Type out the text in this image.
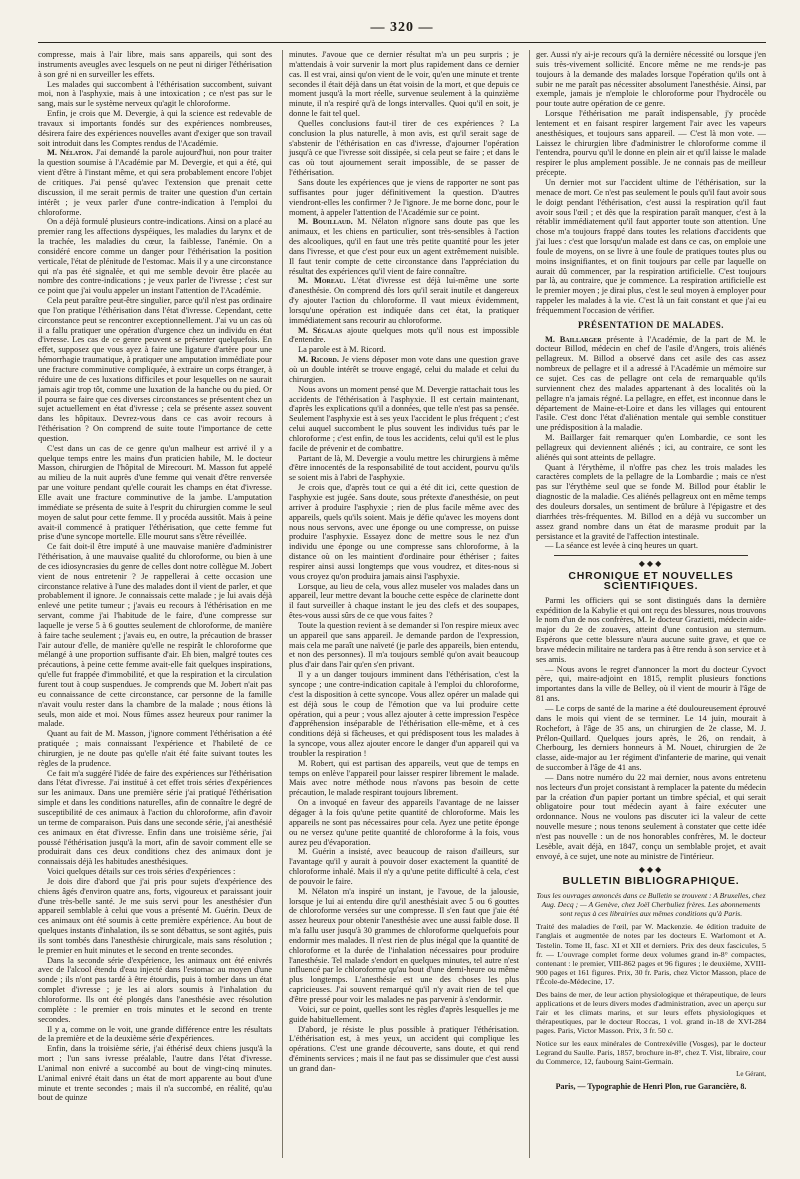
— 320 —

compresse, mais à l'air libre, mais sans appareils, qui sont des instruments aveugles avec lesquels on ne peut ni diriger l'éthérisation à son gré ni en surveiller les effets.

Les malades qui succombent à l'éthérisation succombent, suivant moi, non à l'asphyxie, mais à une intoxication ; ce n'est pas sur le sang, mais sur le système nerveux qu'agit le chloroforme.

Enfin, je crois que M. Devergie, à qui la science est redevable de travaux si importants fondés sur des expériences nombreuses, désirera faire des expériences nouvelles avant d'exiger que son travail soit introduit dans les Comptes rendus de l'Académie.

M. Nélaton. J'ai demandé la parole aujourd'hui, non pour traiter la question soumise à l'Académie par M. Devergie, et qui a été, qui vient d'être à l'instant même, et qui sera probablement encore l'objet de critiques. J'ai pensé qu'avec l'extension que prenait cette discussion, il me serait permis de traiter une question d'un certain intérêt ; je veux parler d'une contre-indication à l'emploi du chloroforme.

On a déjà formulé plusieurs contre-indications. Ainsi on a placé au premier rang les affections dyspéiques, les maladies du larynx et de la trachée, les maladies du cœur, la faiblesse, l'anémie. On a considéré encore comme un danger pour l'éthérisation la position verticale, l'état de plénitude de l'estomac. Mais il y a une circonstance qui n'a pas été signalée, et qui me semble devoir être placée au nombre des contre-indications ; je veux parler de l'ivresse ; c'est sur ce point que j'ai voulu appeler un instant l'attention de l'Académie.

Cela peut paraître peut-être singulier, parce qu'il n'est pas ordinaire que l'on pratique l'éthérisation dans l'état d'ivresse. Cependant, cette circonstance peut se rencontrer exceptionnellement. J'ai vu un cas où il a fallu pratiquer une opération d'urgence chez un individu en état d'ivresse. Les cas de ce genre peuvent se présenter quelquefois. En effet, supposez que vous ayez à faire une ligature d'artère pour une hémorrhagie traumatique, à pratiquer une amputation immédiate pour une fracture comminutive compliquée, à extraire un corps étranger, à réduire une de ces luxations difficiles et pour lesquelles on ne saurait jamais agir trop tôt, comme une luxation de la hanche ou du pied. Or il pourra se faire que ces diverses circonstances se présentent chez un sujet actuellement en état d'ivresse ; cela se présente assez souvent dans les hôpitaux. Devrez-vous dans ce cas avoir recours à l'éthérisation ? On comprend de suite toute l'importance de cette question.

C'est dans un cas de ce genre qu'un malheur est arrivé il y a quelque temps entre les mains d'un praticien habile, M. le docteur Masson, chirurgien de l'hôpital de Mirecourt. M. Masson fut appelé au milieu de la nuit auprès d'une femme qui venait d'être renversée par une voiture pendant qu'elle courait les champs en état d'ivresse. Elle avait une fracture comminutive de la jambe. L'amputation immédiate se présenta de suite à l'esprit du chirurgien comme le seul moyen de salut pour cette femme. Il y procéda aussitôt. Mais à peine avait-il commencé à pratiquer l'éthérisation, que cette femme fut prise d'une syncope mortelle. Elle mourut sans s'être réveillée.

Ce fait doit-il être imputé à une mauvaise manière d'administrer l'éthérisation, à une mauvaise qualité du chloroforme, ou bien à une de ces idiosyncrasies du genre de celles dont notre collègue M. Jobert vient de nous entretenir ? Je rappellerai à cette occasion une circonstance relative à l'une des malades dont il vient de parler, et que probablement il ignore. Je connaissais cette malade ; je lui avais déjà enlevé une petite tumeur ; j'avais eu recours à l'éthérisation en me servant, comme j'ai l'habitude de le faire, d'une compresse sur laquelle je verse 5 à 6 gouttes seulement de chloroforme, de manière à faire tache seulement ; j'avais eu, en outre, la précaution de brasser l'air autour d'elle, de manière qu'elle ne respirât le chloroforme que mélangé à une proportion suffisante d'air. Eh bien, malgré toutes ces précautions, à peine cette femme avait-elle fait quelques inspirations, qu'elle fut frappée d'immobilité, et que la respiration et la circulation furent tout à coup suspendues. Je comprends que M. Jobert n'ait pas eu connaissance de cette circonstance, car personne de la famille n'avait voulu rester dans la chambre de la malade ; nous étions là seuls, mon aide et moi. Nous fûmes assez heureux pour ranimer la malade.

Quant au fait de M. Masson, j'ignore comment l'éthérisation a été pratiquée ; mais connaissant l'expérience et l'habileté de ce chirurgien, je ne doute pas qu'elle n'ait été faite suivant toutes les règles de la prudence.

Ce fait m'a suggéré l'idée de faire des expériences sur l'éthérisation dans l'état d'ivresse. J'ai institué à cet effet trois séries d'expériences sur les animaux. Dans une première série j'ai pratiqué l'éthérisation simple et dans les conditions naturelles, afin de connaître le degré de susceptibilité de ces animaux à l'action du chloroforme, afin d'avoir un terme de comparaison. Puis dans une seconde série, j'ai anesthésié ces animaux en état d'ivresse. Enfin dans une troisième série, j'ai poussé l'éthérisation jusqu'à la mort, afin de savoir comment elle se produirait dans ces deux conditions chez des animaux dont je connaissais déjà les habitudes anesthésiques.

Voici quelques détails sur ces trois séries d'expériences :

Je dois dire d'abord que j'ai pris pour sujets d'expérience des chiens âgés d'environ quatre ans, forts, vigoureux et paraissant jouir d'une très-belle santé. Je me suis servi pour les anesthésier d'un appareil semblable à celui que vous a présenté M. Guérin. Deux de ces animaux ont été soumis à cette première expérience. Au bout de quelques instants d'inhalation, ils se sont débattus, se sont agités, puis ils sont tombés dans l'anesthésie chirurgicale, mais sans résolution ; le premier en huit minutes et le second en trente secondes.

Dans la seconde série d'expérience, les animaux ont été enivrés avec de l'alcool étendu d'eau injecté dans l'estomac au moyen d'une sonde ; ils n'ont pas tardé à être étourdis, puis à tomber dans un état complet d'ivresse ; je les ai alors soumis à l'inhalation du chloroforme. Ils ont été plongés dans l'anesthésie avec résolution complète : le premier en trois minutes et le second en trente secondes.

Il y a, comme on le voit, une grande différence entre les résultats de la première et de la deuxième série d'expériences.

Enfin, dans la troisième série, j'ai éthérisé deux chiens jusqu'à la mort ; l'un sans ivresse préalable, l'autre dans l'état d'ivresse. L'animal non enivré a succombé au bout de vingt-cinq minutes. L'animal enivré était dans un état de mort apparente au bout d'une minute et trente secondes ; mais il n'a succombé, en réalité, qu'au bout de quinze

minutes. J'avoue que ce dernier résultat m'a un peu surpris ; je m'attendais à voir survenir la mort plus rapidement dans ce dernier cas. Il est vrai, ainsi qu'on vient de le voir, qu'en une minute et trente secondes il était déjà dans un état voisin de la mort, et que depuis ce moment jusqu'à la mort réelle, survenue seulement à la quinzième minute, il n'a respiré qu'à de longs intervalles. Quoi qu'il en soit, je donne le fait tel quel.

Quelles conclusions faut-il tirer de ces expériences ? La conclusion la plus naturelle, à mon avis, est qu'il serait sage de s'abstenir de l'éthérisation en cas d'ivresse, d'ajourner l'opération jusqu'à ce que l'ivresse soit dissipée, si cela peut se faire ; et dans le cas où tout ajournement serait impossible, de se passer de l'éthérisation.

Sans doute les expériences que je viens de rapporter ne sont pas suffisantes pour juger définitivement la question. D'autres viendront-elles les confirmer ? Je l'ignore. Je me borne donc, pour le moment, à appeler l'attention de l'Académie sur ce point.

M. Bouillaud. M. Nélaton n'ignore sans doute pas que les animaux, et les chiens en particulier, sont très-sensibles à l'action des alcooliques, qu'il en faut une très petite quantité pour les jeter dans l'ivresse, et que c'est pour eux un agent extrêmement nuisible. Il faut tenir compte de cette circonstance dans l'appréciation du résultat des expériences qu'il vient de faire connaître.

M. Moreau. L'état d'ivresse est déjà lui-même une sorte d'anesthésie. On comprend dès lors qu'il serait inutile et dangereux d'y ajouter l'action du chloroforme. Il vaut mieux évidemment, lorsqu'une opération est indiquée dans cet état, la pratiquer immédiatement sans recourir au chloroforme.

M. Ségalas ajoute quelques mots qu'il nous est impossible d'entendre.

La parole est à M. Ricord.

M. Ricord. Je viens déposer mon vote dans une question grave où un double intérêt se trouve engagé, celui du malade et celui du chirurgien.

Nous avons un moment pensé que M. Devergie rattachait tous les accidents de l'éthérisation à l'asphyxie. Il est certain maintenant, d'après les explications qu'il a données, que telle n'est pas sa pensée. Seulement l'asphyxie est à ses yeux l'accident le plus fréquent ; c'est celui auquel succombent le plus souvent les individus tués par le chloroforme ; c'est enfin, de tous les accidents, celui qu'il est le plus facile de prévenir et de combattre.

Partant de là, M. Devergie a voulu mettre les chirurgiens à même d'être innocentés de la responsabilité de tout accident, pourvu qu'ils se soient mis à l'abri de l'asphyxie.

Je crois que, d'après tout ce qui a été dit ici, cette question de l'asphyxie est jugée. Sans doute, sous prétexte d'anesthésie, on peut arriver à produire l'asphyxie ; rien de plus facile même avec des appareils, quels qu'ils soient. Mais je défie qu'avec les moyens dont nous nous servons, avec une éponge ou une compresse, on puisse produire l'asphyxie. Essayez donc de mettre sous le nez d'un individu une éponge ou une compresse sans chloroforme, à la distance où on les maintient d'ordinaire pour éthériser ; faites respirer ainsi aussi longtemps que vous voudrez, et dites-nous si vous croyez qu'on produira jamais ainsi l'asphyxie.

Lorsque, au lieu de cela, vous allez museler vos malades dans un appareil, leur mettre devant la bouche cette espèce de clarinette dont il faut surveiller à chaque instant le jeu des clefs et des soupapes, êtes-vous aussi sûrs de ce que vous faites ?

Toute la question revient à se demander si l'on respire mieux avec un appareil que sans appareil. Je demande pardon de l'expression, mais cela me paraît une naïveté (je parle des appareils, bien entendu, et non des personnes). Il m'a toujours semblé qu'on avait beaucoup plus d'air dans l'air qu'en s'en privant.

Il y a un danger toujours imminent dans l'éthérisation, c'est la syncope ; une contre-indication capitale à l'emploi du chloroforme, c'est la disposition à cette syncope. Vous allez opérer un malade qui est déjà sous le coup de l'émotion que va lui produire cette opération, qui a peur ; vous allez ajouter à cette impression l'espèce d'appréhension inséparable de l'éthérisation elle-même, et à ces conditions déjà si fâcheuses, et qui prédisposent tous les malades à la syncope, vous allez ajouter encore le danger d'un appareil qui va troubler la respiration !

M. Robert, qui est partisan des appareils, veut que de temps en temps on enlève l'appareil pour laisser respirer librement le malade. Mais avec notre méthode nous n'avons pas besoin de cette précaution, le malade respirant toujours librement.

On a invoqué en faveur des appareils l'avantage de ne laisser dégager à la fois qu'une petite quantité de chloroforme. Mais les appareils ne sont pas nécessaires pour cela. Ayez une petite éponge ou ne versez qu'une petite quantité de chloroforme à la fois, vous aurez peu d'évaporation.

M. Guérin a insisté, avec beaucoup de raison d'ailleurs, sur l'avantage qu'il y aurait à pouvoir doser exactement la quantité de chloroforme inhalé. Mais il n'y a qu'une petite difficulté à cela, c'est de pouvoir le faire.

M. Nélaton m'a inspiré un instant, je l'avoue, de la jalousie, lorsque je lui ai entendu dire qu'il anesthésiait avec 5 ou 6 gouttes de chloroforme versées sur une compresse. Il s'en faut que j'aie été assez heureux pour obtenir l'anesthésie avec une aussi faible dose. Il m'a fallu user jusqu'à 30 grammes de chloroforme quelquefois pour endormir mes malades. Il n'est rien de plus inégal que la quantité de chloroforme et la durée de l'inhalation nécessaires pour produire l'anesthésie. Tel malade s'endort en quelques minutes, tel autre n'est influencé par le chloroforme qu'au bout d'une demi-heure ou même plus longtemps. L'anesthésie est une des choses les plus capricieuses. J'ai souvent remarqué qu'il n'y avait rien de tel que d'être pressé pour voir les malades ne pas parvenir à s'endormir.

Voici, sur ce point, quelles sont les règles d'après lesquelles je me guide habituellement.

D'abord, je résiste le plus possible à pratiquer l'éthérisation. L'éthérisation est, à mes yeux, un accident qui complique les opérations. C'est une grande découverte, sans doute, et qui rend d'éminents services ; mais il ne faut pas se dissimuler que c'est aussi un grand dan-

ger. Aussi n'y ai-je recours qu'à la dernière nécessité ou lorsque j'en suis très-vivement sollicité. Encore même ne me rends-je pas toujours à la demande des malades lorsque l'opération qu'ils ont à subir ne me paraît pas nécessiter absolument l'anesthésie. Ainsi, par exemple, jamais je n'emploie le chloroforme pour l'hydrocèle ou pour toute autre opération de ce genre.

Lorsque l'éthérisation me paraît indispensable, j'y procède lentement et en faisant respirer largement l'air avec les vapeurs anesthésiques, et toujours sans appareil. — C'est là mon vote. — Laissez le chirurgien libre d'administrer le chloroforme comme il l'entendra, pourvu qu'il le donne en plein air et qu'il laisse le malade respirer le plus amplement possible. Je ne connais pas de meilleur précepte.

Un dernier mot sur l'accident ultime de l'éthérisation, sur la menace de mort. Ce n'est pas seulement le pouls qu'il faut avoir sous le doigt pendant l'éthérisation, c'est aussi la respiration qu'il faut avoir sous l'œil ; et dès que la respiration paraît manquer, c'est à la rétablir immédiatement qu'il faut apporter toute son attention. Une chose m'a toujours frappé dans toutes les relations d'accidents que j'ai lues : c'est que lorsqu'un malade est dans ce cas, on emploie une foule de moyens, on se livre à une foule de pratiques toutes plus ou moins insignifiantes, et on finit toujours par celle par laquelle on aurait dû commencer, par la respiration artificielle. C'est toujours par là, au contraire, que je commence. La respiration artificielle est le premier moyen ; je dirai plus, c'est le seul moyen à employer pour rappeler les malades à la vie. C'est là un fait constant et que j'ai eu fréquemment l'occasion de vérifier.

PRÉSENTATION DE MALADES.

M. Baillarger présente à l'Académie, de la part de M. le docteur Billod, médecin en chef de l'asile d'Angers, trois aliénés pellagreux. M. Billod a observé dans cet asile des cas assez nombreux de pellagre et il a adressé à l'Académie un mémoire sur ce sujet. Ces cas de pellagre ont cela de remarquable qu'ils surviennent chez des malades appartenant à des localités où la pellagre n'a jamais régné. La pellagre, en effet, est inconnue dans le département de Maine-et-Loire et dans les villages qui entourent l'asile. C'est donc l'état d'aliénation mentale qui semble constituer une prédisposition à la maladie.

M. Baillarger fait remarquer qu'en Lombardie, ce sont les pellagreux qui deviennent aliénés ; ici, au contraire, ce sont les aliénés qui sont atteints de pellagre.

Quant à l'érythème, il n'offre pas chez les trois malades les caractères complets de la pellagre de la Lombardie ; mais ce n'est pas sur l'érythème seul que se fonde M. Billod pour établir le diagnostic de la maladie. Ces aliénés pellagreux ont en même temps des douleurs dorsales, un sentiment de brûlure à l'épigastre et des diarrhées très-fréquentes. M. Billod en a déjà vu succomber un assez grand nombre dans un état de marasme produit par la persistance et la gravité de l'affection intestinale.

— La séance est levée à cinq heures un quart.

◆◆◆
CHRONIQUE ET NOUVELLES SCIENTIFIQUES.

Parmi les officiers qui se sont distingués dans la dernière expédition de la Kabylie et qui ont reçu des blessures, nous trouvons le nom d'un de nos confrères, M. le docteur Grazietti, médecin aide-major du 2e de zouaves, atteint d'une contusion au sternum. Espérons que cette blessure n'aura aucune suite grave, et que ce brave médecin militaire ne tardera pas à être rendu à son service et à ses amis.

— Nous avons le regret d'annoncer la mort du docteur Cyvoct père, qui, maire-adjoint en 1815, remplit plusieurs fonctions importantes dans la ville de Belley, où il vient de mourir à l'âge de 81 ans.

— Le corps de santé de la marine a été douloureusement éprouvé dans le mois qui vient de se terminer. Le 14 juin, mourait à Rochefort, à l'âge de 35 ans, un chirurgien de 2e classe, M. J. Prélon-Quillard. Quelques jours après, le 26, on rendait, à Cherbourg, les derniers honneurs à M. Nouet, chirurgien de 2e classe, aide-major au 1er régiment d'infanterie de marine, qui venait de succomber à l'âge de 41 ans.

— Dans notre numéro du 22 mai dernier, nous avons entretenu nos lecteurs d'un projet consistant à remplacer la patente du médecin par la création d'un papier portant un timbre spécial, et qui serait obligatoire pour tout médecin ayant à faire exécuter une ordonnance. Nous ne voulons pas discuter ici la valeur de cette nouvelle mesure ; nous tenons seulement à constater que cette idée n'est pas nouvelle : un de nos honorables confrères, M. le docteur Lesèble, avait déjà, en 1847, conçu un semblable projet, et avait envoyé, à ce sujet, une note au ministre de l'intérieur.

◆◆◆
BULLETIN BIBLIOGRAPHIQUE.
Tous les ouvrages annoncés dans ce Bulletin se trouvent : A Bruxelles, chez Aug. Decq ; — A Genève, chez Joël Cherbuliez frères. Les abonnements sont reçus à ces librairies aux mêmes conditions qu'à Paris.

Traité des maladies de l'œil, par W. Mackenzie. 4e édition traduite de l'anglais et augmentée de notes par les docteurs E. Warlomont et A. Testelin. Tome II, fasc. XI et XII et derniers. Prix des deux fascicules, 5 fr. — L'ouvrage complet forme deux volumes grand in-8° compactes, contenant : le premier, VIII-862 pages et 96 figures ; le deuxième, XVIII-900 pages et 161 figures. Prix, 30 fr. Paris, chez Victor Masson, place de l'École-de-Médecine, 17.

Des bains de mer, de leur action physiologique et thérapeutique, de leurs applications et de leurs divers modes d'administration, avec un aperçu sur l'air et les climats marins, et sur leurs effets physiologiques et thérapeutiques, par le docteur Roccas, 1 vol. grand in-18 de XVI-284 pages. Paris, Victor Masson. Prix, 3 fr. 50 c.

Notice sur les eaux minérales de Contrexéville (Vosges), par le docteur Legrand du Saulle. Paris, 1857, brochure in-8°, chez T. Vist, libraire, cour du Commerce, 12, faubourg Saint-Germain.

Le Gérant,
Paris, — Typographie de Henri Plon, rue Garancière, 8.
